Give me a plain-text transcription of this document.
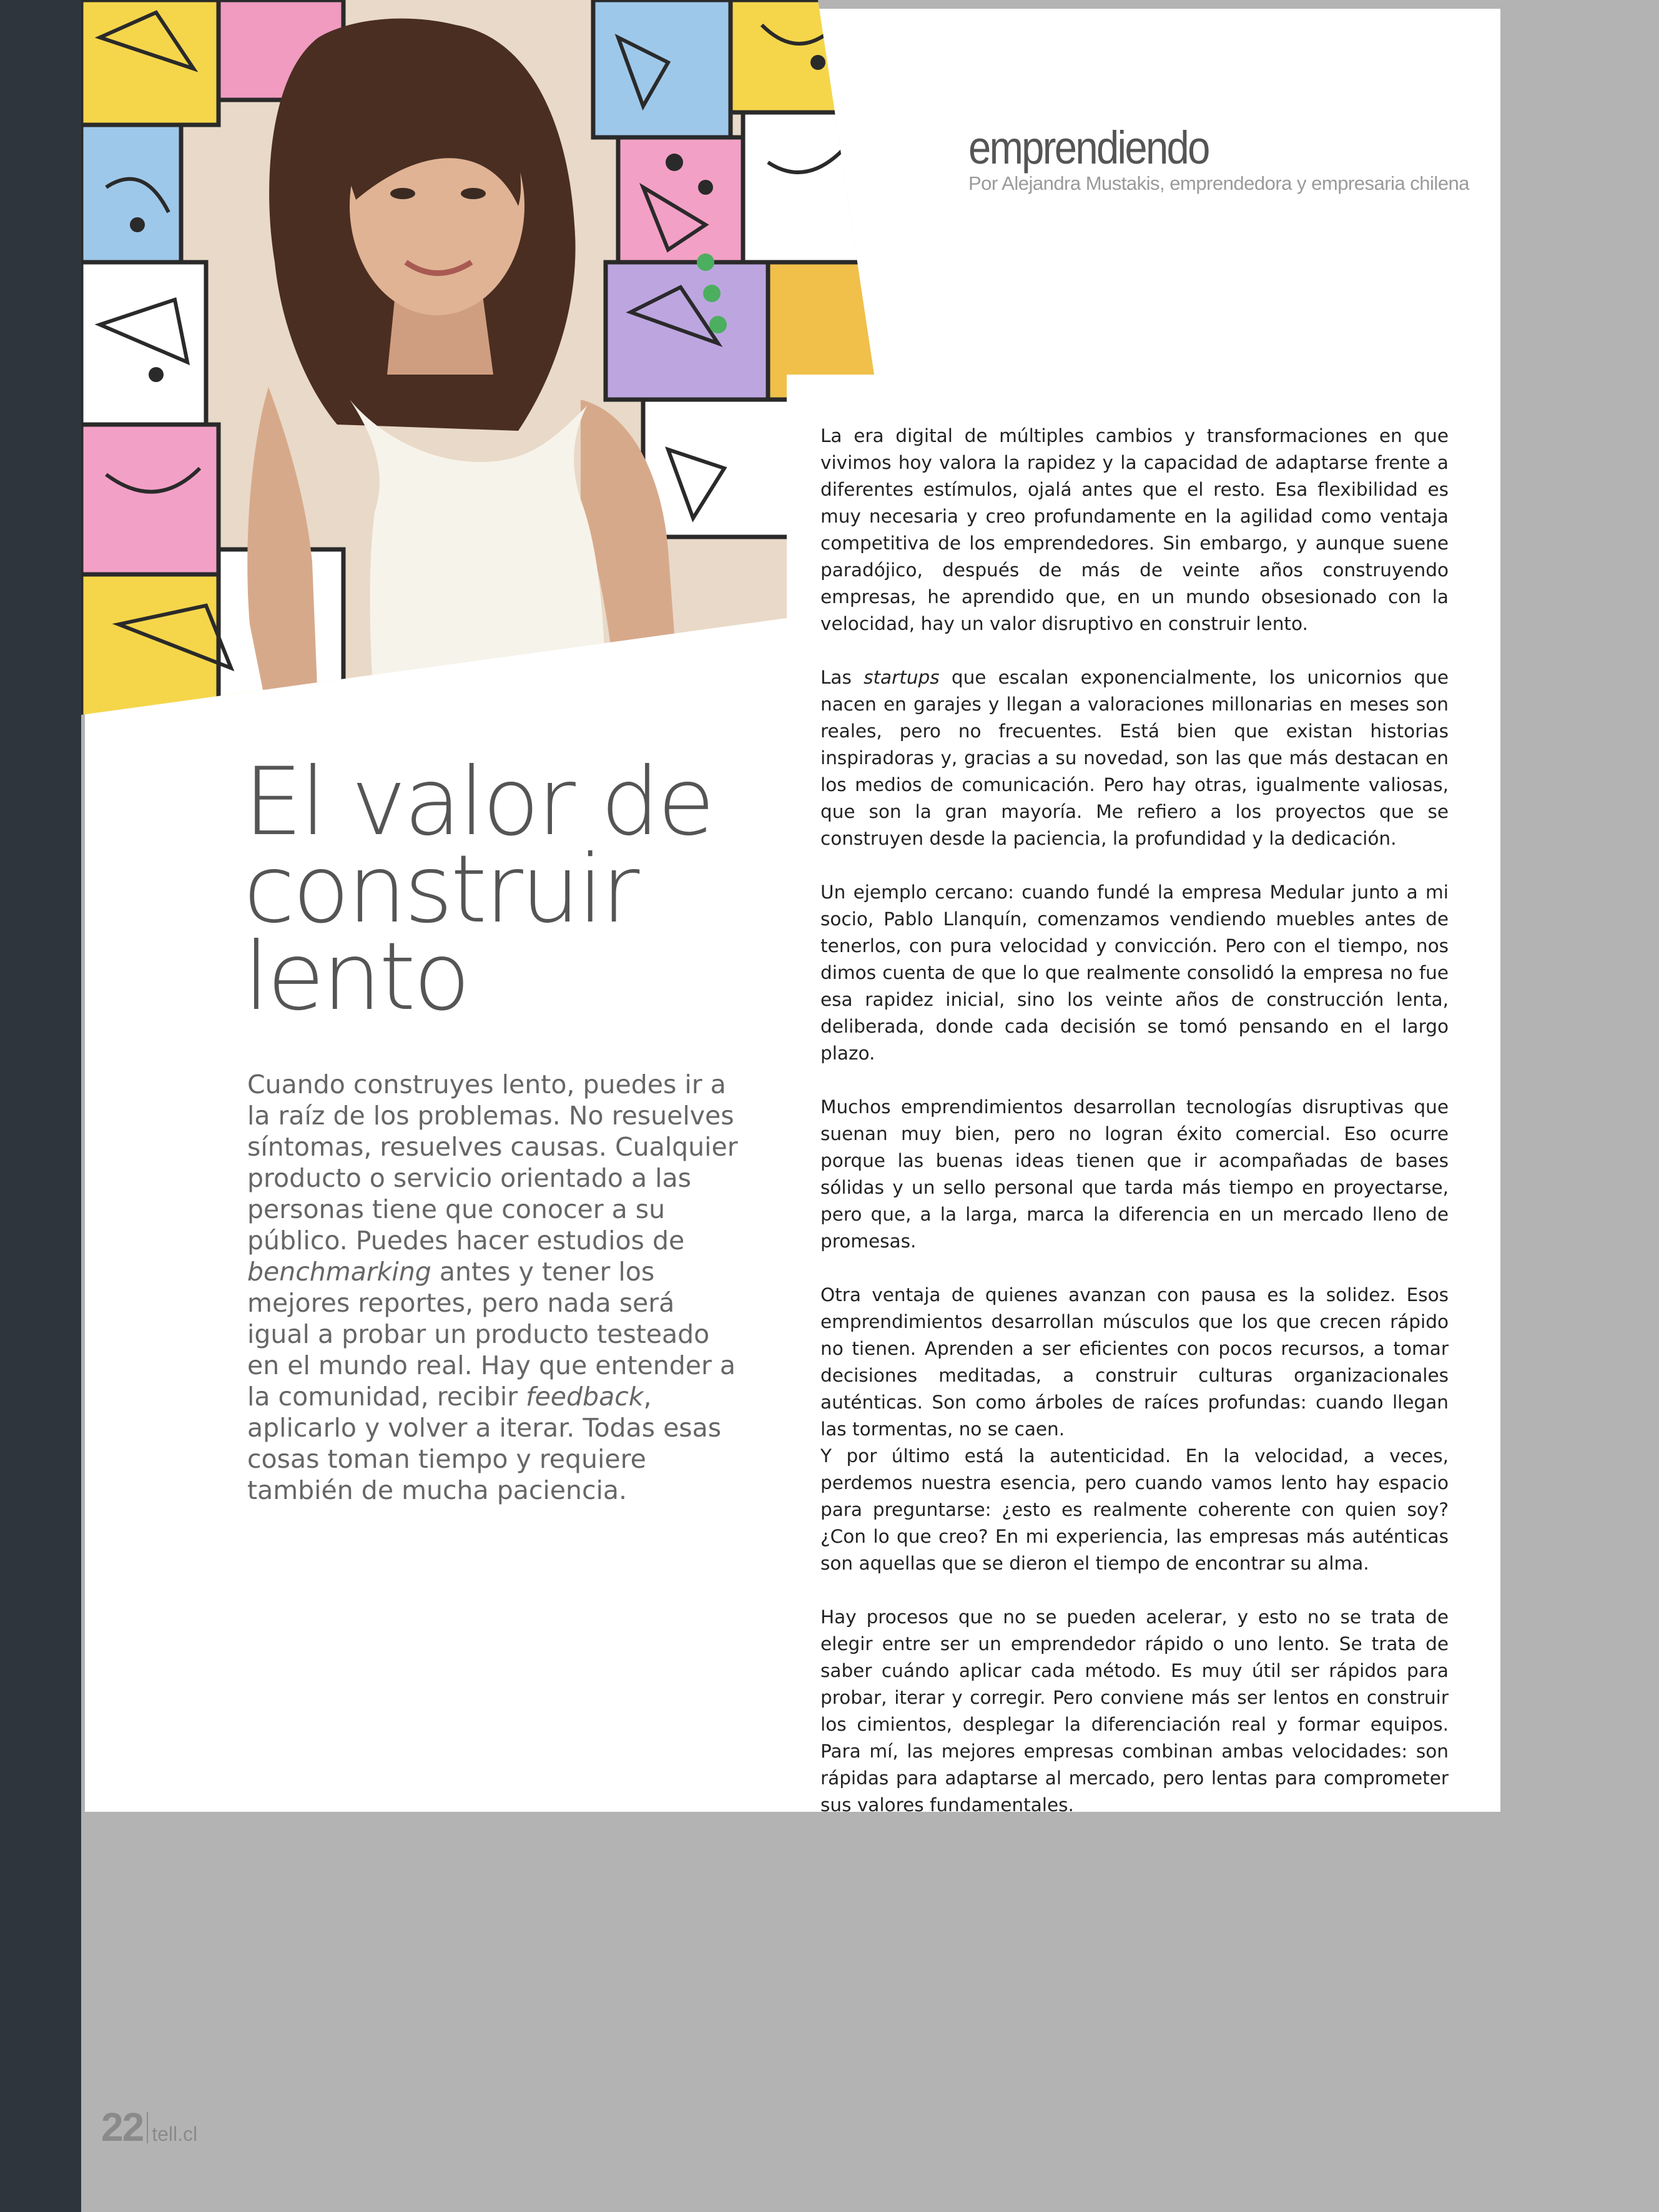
emprendiendo

Por Alejandra Mustakis, emprendedora y empresaria chilena

El valor de
construir
lento

Cuando construyes lento, puedes ir a la raíz de los problemas. No resuelves síntomas, resuelves causas. Cualquier producto o servicio orientado a las personas tiene que conocer a su público. Puedes hacer estudios de benchmarking antes y tener los mejores reportes, pero nada será igual a probar un producto testeado en el mundo real. Hay que entender a la comunidad, recibir feedback, aplicarlo y volver a iterar. Todas esas cosas toman tiempo y requiere también de mucha paciencia.

La era digital de múltiples cambios y transformaciones en que vivimos hoy valora la rapidez y la capacidad de adaptarse frente a diferentes estímulos, ojalá antes que el resto. Esa flexibilidad es muy necesaria y creo profundamente en la agilidad como ventaja competitiva de los emprendedores. Sin embargo, y aunque suene paradójico, después de más de veinte años construyendo empresas, he aprendido que, en un mundo obsesionado con la velocidad, hay un valor disruptivo en construir lento.

Las startups que escalan exponencialmente, los unicornios que nacen en garajes y llegan a valoraciones millonarias en meses son reales, pero no frecuentes. Está bien que existan historias inspiradoras y, gracias a su novedad, son las que más destacan en los medios de comunicación. Pero hay otras, igualmente valiosas, que son la gran mayoría. Me refiero a los proyectos que se construyen desde la paciencia, la profundidad y la dedicación.

Un ejemplo cercano: cuando fundé la empresa Medular junto a mi socio, Pablo Llanquín, comenzamos vendiendo muebles antes de tenerlos, con pura velocidad y convicción. Pero con el tiempo, nos dimos cuenta de que lo que realmente consolidó la empresa no fue esa rapidez inicial, sino los veinte años de construcción lenta, deliberada, donde cada decisión se tomó pensando en el largo plazo.

Muchos emprendimientos desarrollan tecnologías disruptivas que suenan muy bien, pero no logran éxito comercial. Eso ocurre porque las buenas ideas tienen que ir acompañadas de bases sólidas y un sello personal que tarda más tiempo en proyectarse, pero que, a la larga, marca la diferencia en un mercado lleno de promesas.

Otra ventaja de quienes avanzan con pausa es la solidez. Esos emprendimientos desarrollan músculos que los que crecen rápido no tienen. Aprenden a ser eficientes con pocos recursos, a tomar decisiones meditadas, a construir culturas organizacionales auténticas. Son como árboles de raíces profundas: cuando llegan las tormentas, no se caen.

Y por último está la autenticidad. En la velocidad, a veces, perdemos nuestra esencia, pero cuando vamos lento hay espacio para preguntarse: ¿esto es realmente coherente con quien soy? ¿Con lo que creo? En mi experiencia, las empresas más auténticas son aquellas que se dieron el tiempo de encontrar su alma.

Hay procesos que no se pueden acelerar, y esto no se trata de elegir entre ser un emprendedor rápido o uno lento. Se trata de saber cuándo aplicar cada método. Es muy útil ser rápidos para probar, iterar y corregir. Pero conviene más ser lentos en construir los cimientos, desplegar la diferenciación real y formar equipos. Para mí, las mejores empresas combinan ambas velocidades: son rápidas para adaptarse al mercado, pero lentas para comprometer sus valores fundamentales.

22 tell.cl
